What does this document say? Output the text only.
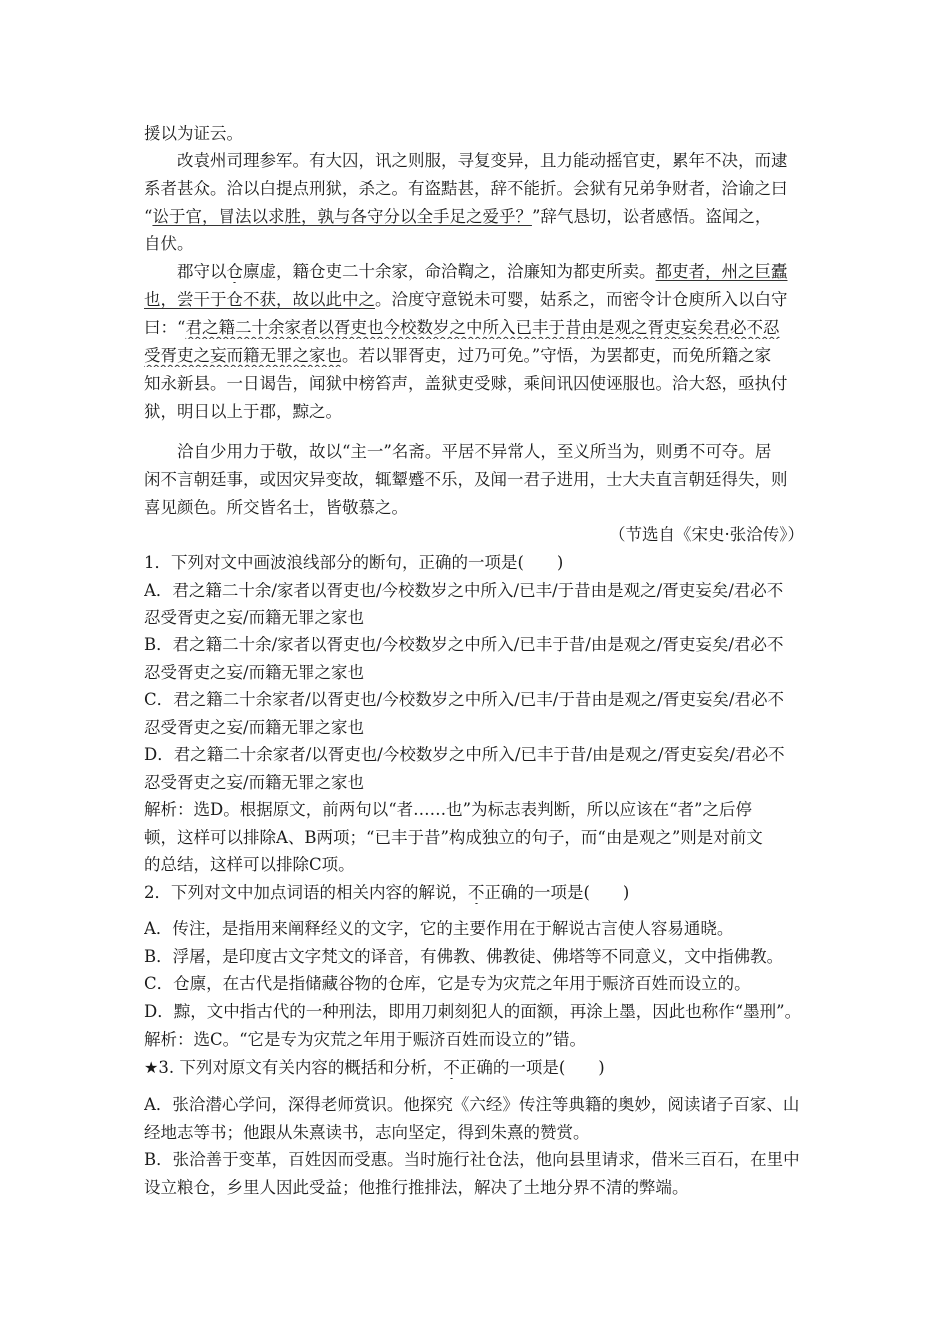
援以为证云。
改袁州司理参军。有大囚，讯之则服，寻复变异，且力能动摇官吏，累年不决，而逮
系者甚众。洽以白提点刑狱，杀之。有盗黠甚，辞不能折。会狱有兄弟争财者，洽谕之曰
“讼于官，冒法以求胜，孰与各守分以全手足之爱乎？”辞气恳切，讼者感悟。盗闻之，
自伏。
郡守以仓廪虚，籍仓吏二十余家，命洽鞫之，洽廉知为都吏所卖。都吏者，州之巨蠹
也，尝干于仓不获，故以此中之。洽度守意锐未可婴，姑系之，而密令计仓庾所入以白守
曰：“君之籍二十余家者以胥吏也今校数岁之中所入已丰于昔由是观之胥吏妄矣君必不忍
受胥吏之妄而籍无罪之家也。若以罪胥吏，过乃可免。”守悟，为罢都吏，而免所籍之家
知永新县。一日谒告，闻狱中榜笞声，盖狱吏受赇，乘间讯囚使诬服也。洽大怒，亟执付
狱，明日以上于郡，黥之。
洽自少用力于敬，故以“主一”名斋。平居不异常人，至义所当为，则勇不可夺。居
闲不言朝廷事，或因灾异变故，辄颦蹙不乐，及闻一君子进用，士大夫直言朝廷得失，则
喜见颜色。所交皆名士，皆敬慕之。
（节选自《宋史·张洽传》）
1．下列对文中画波浪线部分的断句，正确的一项是(　　)
A．君之籍二十余/家者以胥吏也/今校数岁之中所入/已丰/于昔由是观之/胥吏妄矣/君必不
忍受胥吏之妄/而籍无罪之家也
B．君之籍二十余/家者以胥吏也/今校数岁之中所入/已丰于昔/由是观之/胥吏妄矣/君必不
忍受胥吏之妄/而籍无罪之家也
C．君之籍二十余家者/以胥吏也/今校数岁之中所入/已丰/于昔由是观之/胥吏妄矣/君必不
忍受胥吏之妄/而籍无罪之家也
D．君之籍二十余家者/以胥吏也/今校数岁之中所入/已丰于昔/由是观之/胥吏妄矣/君必不
忍受胥吏之妄/而籍无罪之家也
解析：选D。根据原文，前两句以“者……也”为标志表判断，所以应该在“者”之后停
顿，这样可以排除A、B两项；“已丰于昔”构成独立的句子，而“由是观之”则是对前文
的总结，这样可以排除C项。
2．下列对文中加点词语的相关内容的解说，不正确的一项是(　　)
A．传注，是指用来阐释经义的文字，它的主要作用在于解说古言使人容易通晓。
B．浮屠，是印度古文字梵文的译音，有佛教、佛教徒、佛塔等不同意义，文中指佛教。
C．仓廪，在古代是指储藏谷物的仓库，它是专为灾荒之年用于赈济百姓而设立的。
D．黥，文中指古代的一种刑法，即用刀刺刻犯人的面额，再涂上墨，因此也称作“墨刑”。
解析：选C。“它是专为灾荒之年用于赈济百姓而设立的”错。
★3. 下列对原文有关内容的概括和分析，不正确的一项是(　　)
A．张洽潜心学问，深得老师赏识。他探究《六经》传注等典籍的奥妙，阅读诸子百家、山
经地志等书；他跟从朱熹读书，志向坚定，得到朱熹的赞赏。
B．张洽善于变革，百姓因而受惠。当时施行社仓法，他向县里请求，借米三百石，在里中
设立粮仓，乡里人因此受益；他推行推排法，解决了土地分界不清的弊端。
